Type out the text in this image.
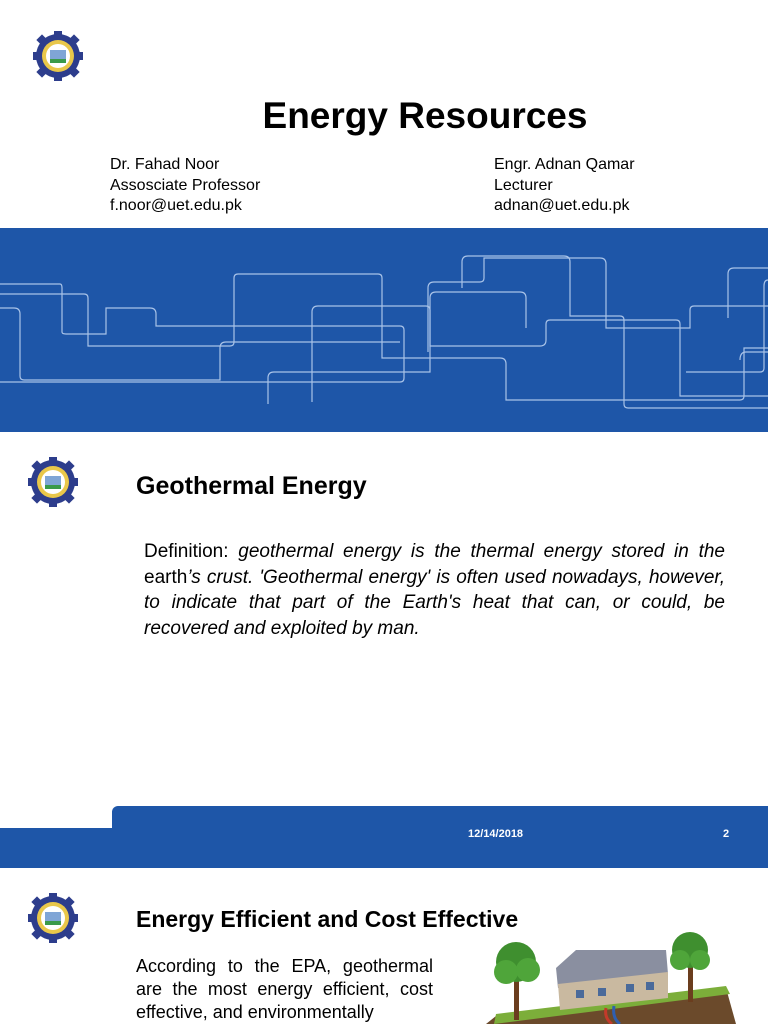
Energy Resources
Dr. Fahad Noor
Assosciate Professor
f.noor@uet.edu.pk
Engr. Adnan Qamar
Lecturer
adnan@uet.edu.pk
Geothermal Energy
Definition: geothermal energy is the thermal energy stored in the earth’s crust. 'Geothermal energy' is often used nowadays, however, to indicate that part of the Earth's heat that can, or could, be recovered and exploited by man.
12/14/2018	2
Energy Efficient and Cost Effective
According to the EPA, geothermal are the most energy efficient, cost effective, and environmentally
